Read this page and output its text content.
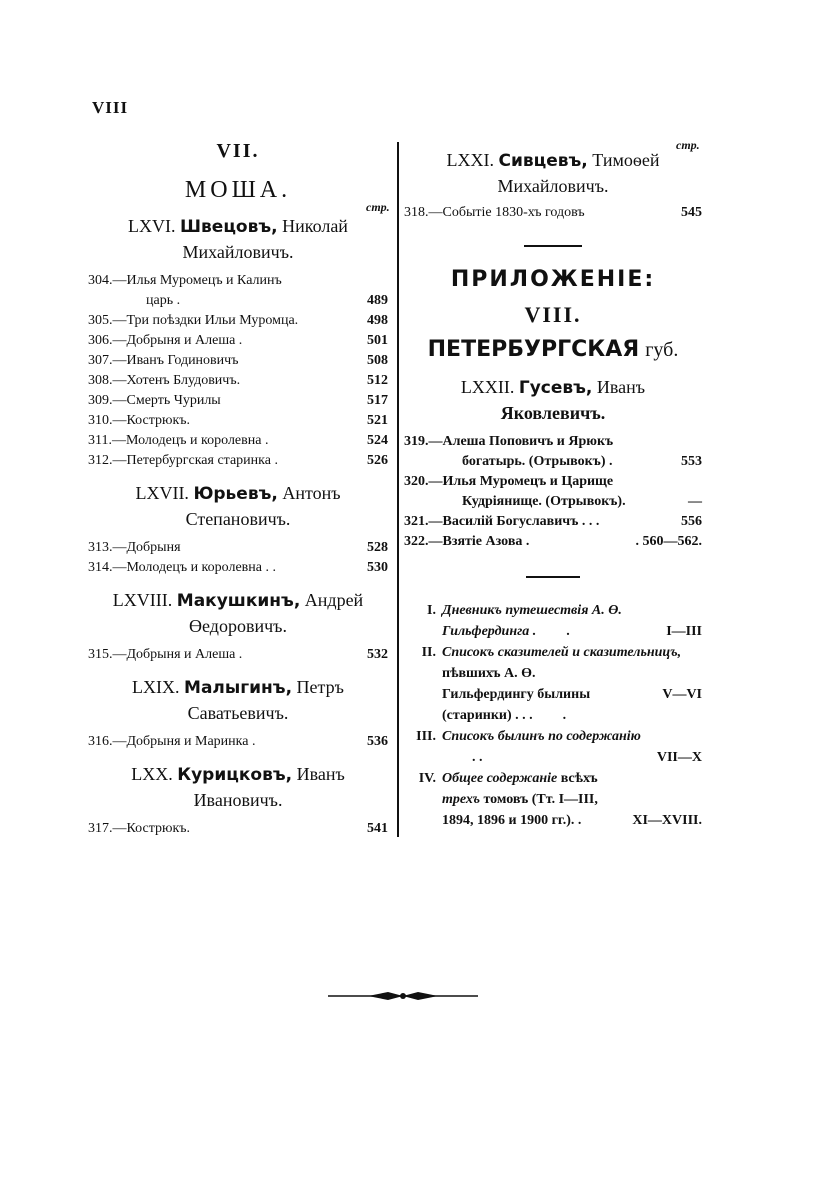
VIII
стр.
стр.
VII.
МОША.
LXVI. Швецовъ, Николай
Михайловичъ.
304.—Илья Муромецъ и Калинъ
царь .	489
305.—Три поѣздки Ильи Муромца.	498
306.—Добрыня и Алеша .	501
307.—Иванъ Годиновичъ	508
308.—Хотенъ Блудовичъ.	512
309.—Смерть Чурилы	517
310.—Кострюкъ.	521
311.—Молодецъ и королевна .	524
312.—Петербургская старинка .	526
LXVII. Юрьевъ, Антонъ
Степановичъ.
313.—Добрыня	528
314.—Молодецъ и королевна . .	530
LXVIII. Макушкинъ, Андрей
Өедоровичъ.
315.—Добрыня и Алеша .	532
LXIX. Малыгинъ, Петръ
Саватьевичъ.
316.—Добрыня и Маринка .	536
LXX. Курицковъ, Иванъ
Ивановичъ.
317.—Кострюкъ.	541
LXXI. Сивцевъ, Тимоѳей
Михайловичъ.
318.—Событіе 1830-хъ годовъ	545
ПРИЛОЖЕНІЕ:
VIII.
ПЕТЕРБУРГСКАЯ губ.
LXXII. Гусевъ, Иванъ
Яковлевичъ.
319.—Алеша Поповичъ и Ярюкъ
богатырь. (Отрывокъ) .	553
320.—Илья Муромецъ и Царище
Кудріянище. (Отрывокъ).	—
321.—Василій Богуславичъ . . .	556
322.—Взятіе Азова .	. 560—562.
I. Дневникъ путешествія А. Ө.
Гильфердинга . .	I—III
II. Списокъ сказителей и сказительницъ, пѣвшихъ А. Ө.
Гильфердингу былины (старинки) . . . .
V—VI
III. Списокъ былинъ по содержанію
. .	VII—X
IV. Общее содержаніе всѣхъ
трехъ томовъ (Тт. I—III,
1894, 1896 и 1900 гг.). .	XI—XVIII.
